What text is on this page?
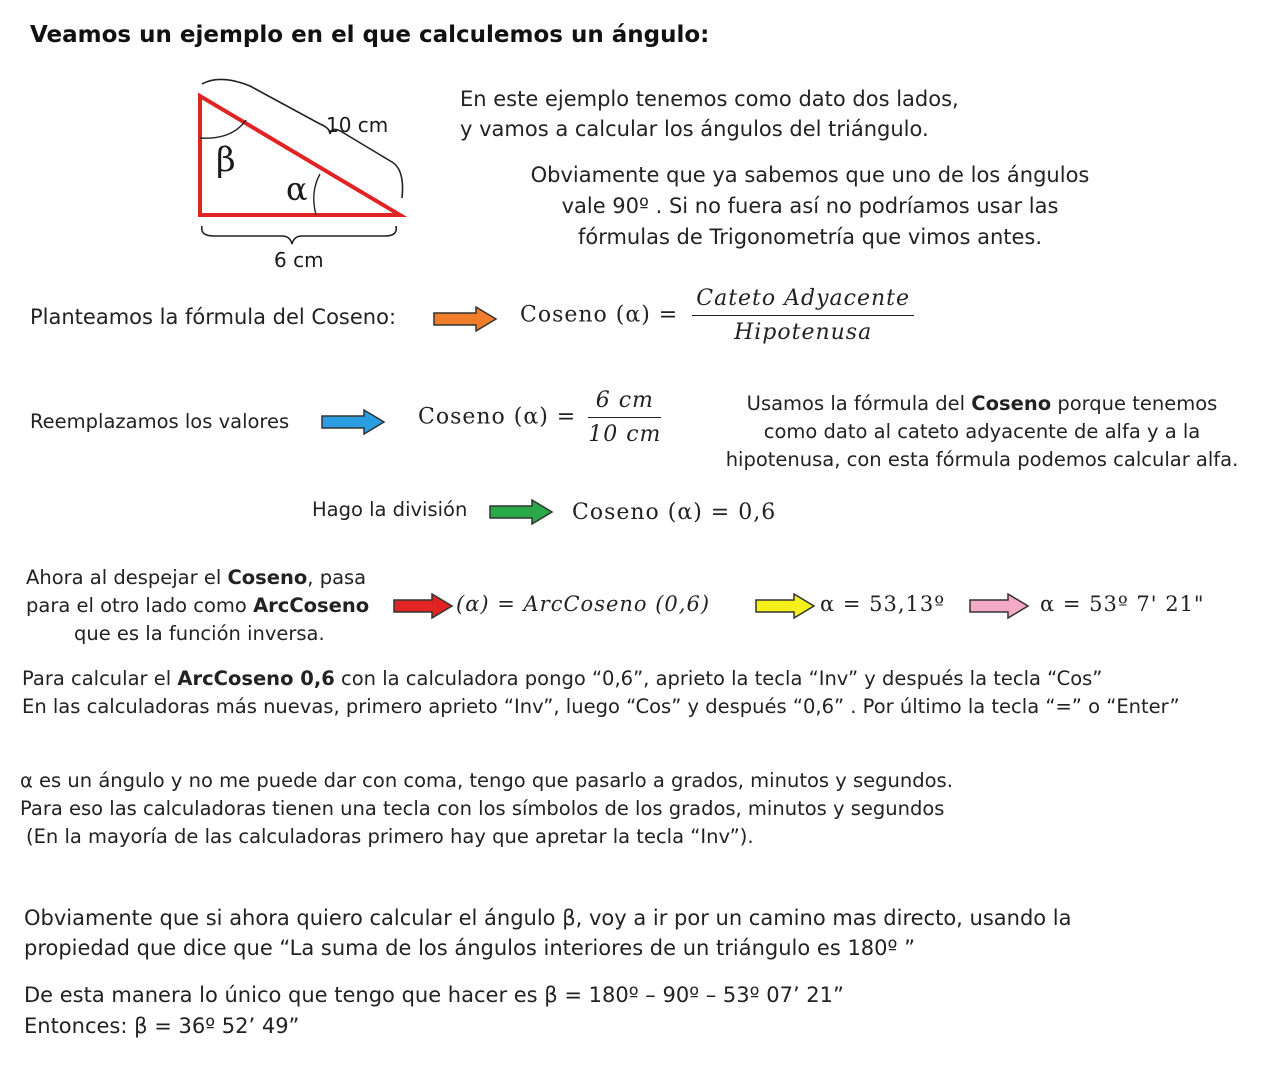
Veamos un ejemplo en el que calculemos un ángulo:
β
α
10 cm
6 cm
En este ejemplo tenemos como dato dos lados,
y vamos a calcular los ángulos del triángulo.
Obviamente que ya sabemos que uno de los ángulos
vale 90º . Si no fuera así no podríamos usar las
fórmulas de Trigonometría que vimos antes.
Planteamos la fórmula del Coseno:	Coseno $(\alpha) = \frac{\text{Cateto Adyacente}}{\text{Hipotenusa}}$
Reemplazamos los valores	Coseno $(\alpha) = \frac{6 cm}{10 cm}$	Usamos la fórmula del Coseno porque tenemos
como dato al cateto adyacente de alfa y a la
hipotenusa, con esta fórmula podemos calcular alfa.
Hago la división	Coseno (α) = 0,6
Ahora al despejar el Coseno, pasa
para el otro lado como ArcCoseno
que es la función inversa.
(α) = ArcCoseno (0,6)	α = 53,13º	α = 53º 7' 21"
Para calcular el ArcCoseno 0,6 con la calculadora pongo “0,6”, aprieto la tecla “Inv” y después la tecla “Cos”
En las calculadoras más nuevas, primero aprieto “Inv”, luego “Cos” y después “0,6” . Por último la tecla “=” o “Enter”
α es un ángulo y no me puede dar con coma, tengo que pasarlo a grados, minutos y segundos.
Para eso las calculadoras tienen una tecla con los símbolos de los grados, minutos y segundos
(En la mayoría de las calculadoras primero hay que apretar la tecla “Inv”).
Obviamente que si ahora quiero calcular el ángulo β, voy a ir por un camino mas directo, usando la
propiedad que dice que “La suma de los ángulos interiores de un triángulo es 180º ”
De esta manera lo único que tengo que hacer es β = 180º – 90º – 53º 07’ 21”
Entonces: β = 36º 52’ 49”
